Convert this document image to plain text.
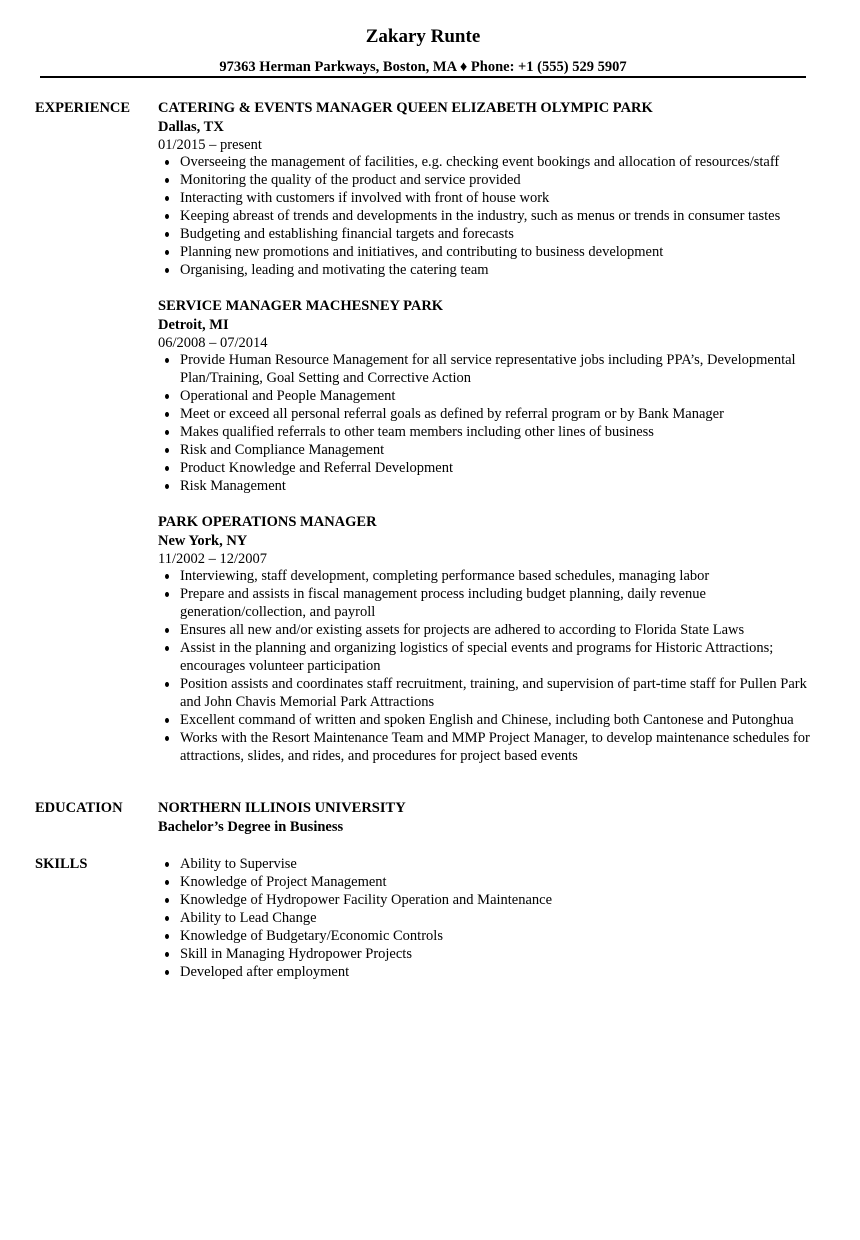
Zakary Runte
97363 Herman Parkways, Boston, MA ♦ Phone: +1 (555) 529 5907
EXPERIENCE CATERING & EVENTS MANAGER QUEEN ELIZABETH OLYMPIC PARK
Dallas, TX
01/2015 – present
Overseeing the management of facilities, e.g. checking event bookings and allocation of resources/staff
Monitoring the quality of the product and service provided
Interacting with customers if involved with front of house work
Keeping abreast of trends and developments in the industry, such as menus or trends in consumer tastes
Budgeting and establishing financial targets and forecasts
Planning new promotions and initiatives, and contributing to business development
Organising, leading and motivating the catering team
SERVICE MANAGER MACHESNEY PARK
Detroit, MI
06/2008 – 07/2014
Provide Human Resource Management for all service representative jobs including PPA’s, Developmental Plan/Training, Goal Setting and Corrective Action
Operational and People Management
Meet or exceed all personal referral goals as defined by referral program or by Bank Manager
Makes qualified referrals to other team members including other lines of business
Risk and Compliance Management
Product Knowledge and Referral Development
Risk Management
PARK OPERATIONS MANAGER
New York, NY
11/2002 – 12/2007
Interviewing, staff development, completing performance based schedules, managing labor
Prepare and assists in fiscal management process including budget planning, daily revenue generation/collection, and payroll
Ensures all new and/or existing assets for projects are adhered to according to Florida State Laws
Assist in the planning and organizing logistics of special events and programs for Historic Attractions; encourages volunteer participation
Position assists and coordinates staff recruitment, training, and supervision of part-time staff for Pullen Park and John Chavis Memorial Park Attractions
Excellent command of written and spoken English and Chinese, including both Cantonese and Putonghua
Works with the Resort Maintenance Team and MMP Project Manager, to develop maintenance schedules for attractions, slides, and rides, and procedures for project based events
EDUCATION NORTHERN ILLINOIS UNIVERSITY
Bachelor’s Degree in Business
SKILLS	Ability to Supervise
Knowledge of Project Management
Knowledge of Hydropower Facility Operation and Maintenance
Ability to Lead Change
Knowledge of Budgetary/Economic Controls
Skill in Managing Hydropower Projects
Developed after employment
